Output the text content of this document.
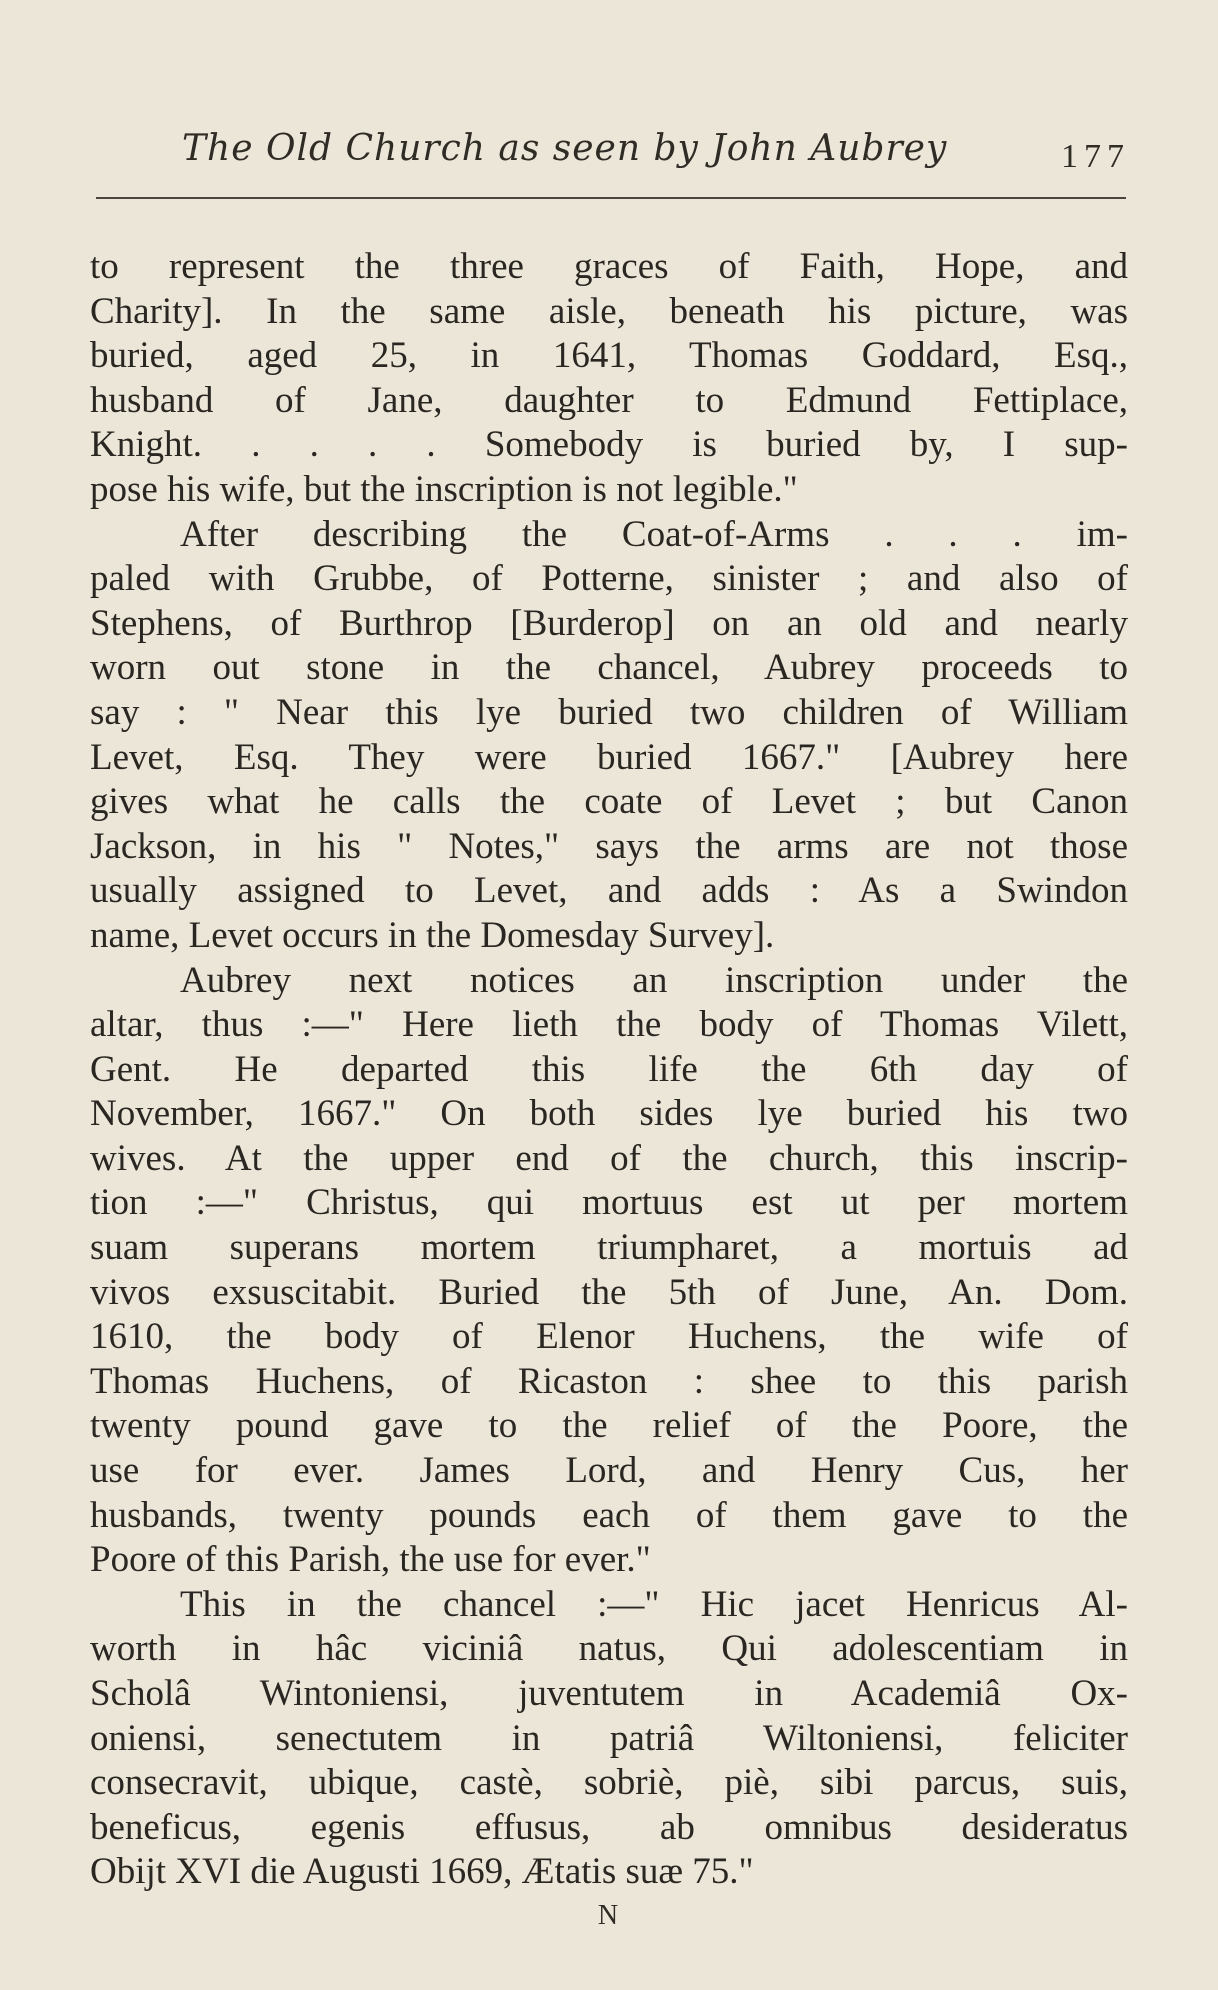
The Old Church as seen by John Aubrey	177
to represent the three graces of Faith, Hope, and
Charity]. In the same aisle, beneath his picture, was
buried, aged 25, in 1641, Thomas Goddard, Esq.,
husband of Jane, daughter to Edmund Fettiplace,
Knight. . . . . Somebody is buried by, I sup-
pose his wife, but the inscription is not legible."
After describing the Coat-of-Arms . . . im-
paled with Grubbe, of Potterne, sinister ; and also of
Stephens, of Burthrop [Burderop] on an old and nearly
worn out stone in the chancel, Aubrey proceeds to
say : " Near this lye buried two children of William
Levet, Esq. They were buried 1667." [Aubrey here
gives what he calls the coate of Levet ; but Canon
Jackson, in his " Notes," says the arms are not those
usually assigned to Levet, and adds : As a Swindon
name, Levet occurs in the Domesday Survey].
Aubrey next notices an inscription under the
altar, thus :—" Here lieth the body of Thomas Vilett,
Gent. He departed this life the 6th day of
November, 1667." On both sides lye buried his two
wives. At the upper end of the church, this inscrip-
tion :—" Christus, qui mortuus est ut per mortem
suam superans mortem triumpharet, a mortuis ad
vivos exsuscitabit. Buried the 5th of June, An. Dom.
1610, the body of Elenor Huchens, the wife of
Thomas Huchens, of Ricaston : shee to this parish
twenty pound gave to the relief of the Poore, the
use for ever. James Lord, and Henry Cus, her
husbands, twenty pounds each of them gave to the
Poore of this Parish, the use for ever."
This in the chancel :—" Hic jacet Henricus Al-
worth in hâc viciniâ natus, Qui adolescentiam in
Scholâ Wintoniensi, juventutem in Academiâ Ox-
oniensi, senectutem in patriâ Wiltoniensi, feliciter
consecravit, ubique, castè, sobriè, piè, sibi parcus, suis,
beneficus, egenis effusus, ab omnibus desideratus
Obijt XVI die Augusti 1669, Ætatis suæ 75."
N
